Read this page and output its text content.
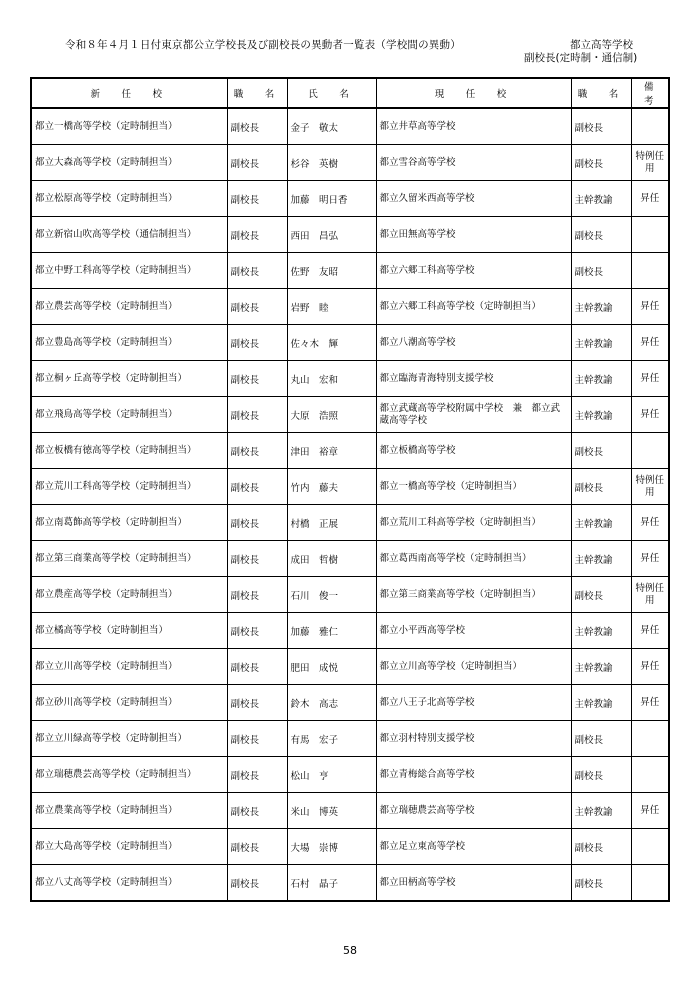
令和８年４月１日付東京都公立学校長及び副校長の異動者一覧表（学校間の異動）	都立高等学校
副校長(定時制・通信制)
新　任　校	職　名	氏　名	現　任　校	職　名	備　考
都立一橋高等学校（定時制担当）	副校長	金子　敬太	都立井草高等学校	副校長	
都立大森高等学校（定時制担当）	副校長	杉谷　英樹	都立雪谷高等学校	副校長	特例任用
都立松原高等学校（定時制担当）	副校長	加藤　明日香	都立久留米西高等学校	主幹教諭	昇任
都立新宿山吹高等学校（通信制担当）	副校長	西田　昌弘	都立田無高等学校	副校長	
都立中野工科高等学校（定時制担当）	副校長	佐野　友昭	都立六郷工科高等学校	副校長	
都立農芸高等学校（定時制担当）	副校長	岩野　睦	都立六郷工科高等学校（定時制担当）	主幹教諭	昇任
都立豊島高等学校（定時制担当）	副校長	佐々木　輝	都立八潮高等学校	主幹教諭	昇任
都立桐ヶ丘高等学校（定時制担当）	副校長	丸山　宏和	都立臨海青海特別支援学校	主幹教諭	昇任
都立飛鳥高等学校（定時制担当）	副校長	大原　浩照	都立武蔵高等学校附属中学校　兼　都立武蔵高等学校	主幹教諭	昇任
都立板橋有徳高等学校（定時制担当）	副校長	津田　裕章	都立板橋高等学校	副校長	
都立荒川工科高等学校（定時制担当）	副校長	竹内　藤夫	都立一橋高等学校（定時制担当）	副校長	特例任用
都立南葛飾高等学校（定時制担当）	副校長	村橋　正展	都立荒川工科高等学校（定時制担当）	主幹教諭	昇任
都立第三商業高等学校（定時制担当）	副校長	成田　哲樹	都立葛西南高等学校（定時制担当）	主幹教諭	昇任
都立農産高等学校（定時制担当）	副校長	石川　俊一	都立第三商業高等学校（定時制担当）	副校長	特例任用
都立橘高等学校（定時制担当）	副校長	加藤　雅仁	都立小平西高等学校	主幹教諭	昇任
都立立川高等学校（定時制担当）	副校長	肥田　成悦	都立立川高等学校（定時制担当）	主幹教諭	昇任
都立砂川高等学校（定時制担当）	副校長	鈴木　高志	都立八王子北高等学校	主幹教諭	昇任
都立立川緑高等学校（定時制担当）	副校長	有馬　宏子	都立羽村特別支援学校	副校長	
都立瑞穂農芸高等学校（定時制担当）	副校長	松山　亨	都立青梅総合高等学校	副校長	
都立農業高等学校（定時制担当）	副校長	米山　博英	都立瑞穂農芸高等学校	主幹教諭	昇任
都立大島高等学校（定時制担当）	副校長	大場　崇博	都立足立東高等学校	副校長	
都立八丈高等学校（定時制担当）	副校長	石村　晶子	都立田柄高等学校	副校長	
58
